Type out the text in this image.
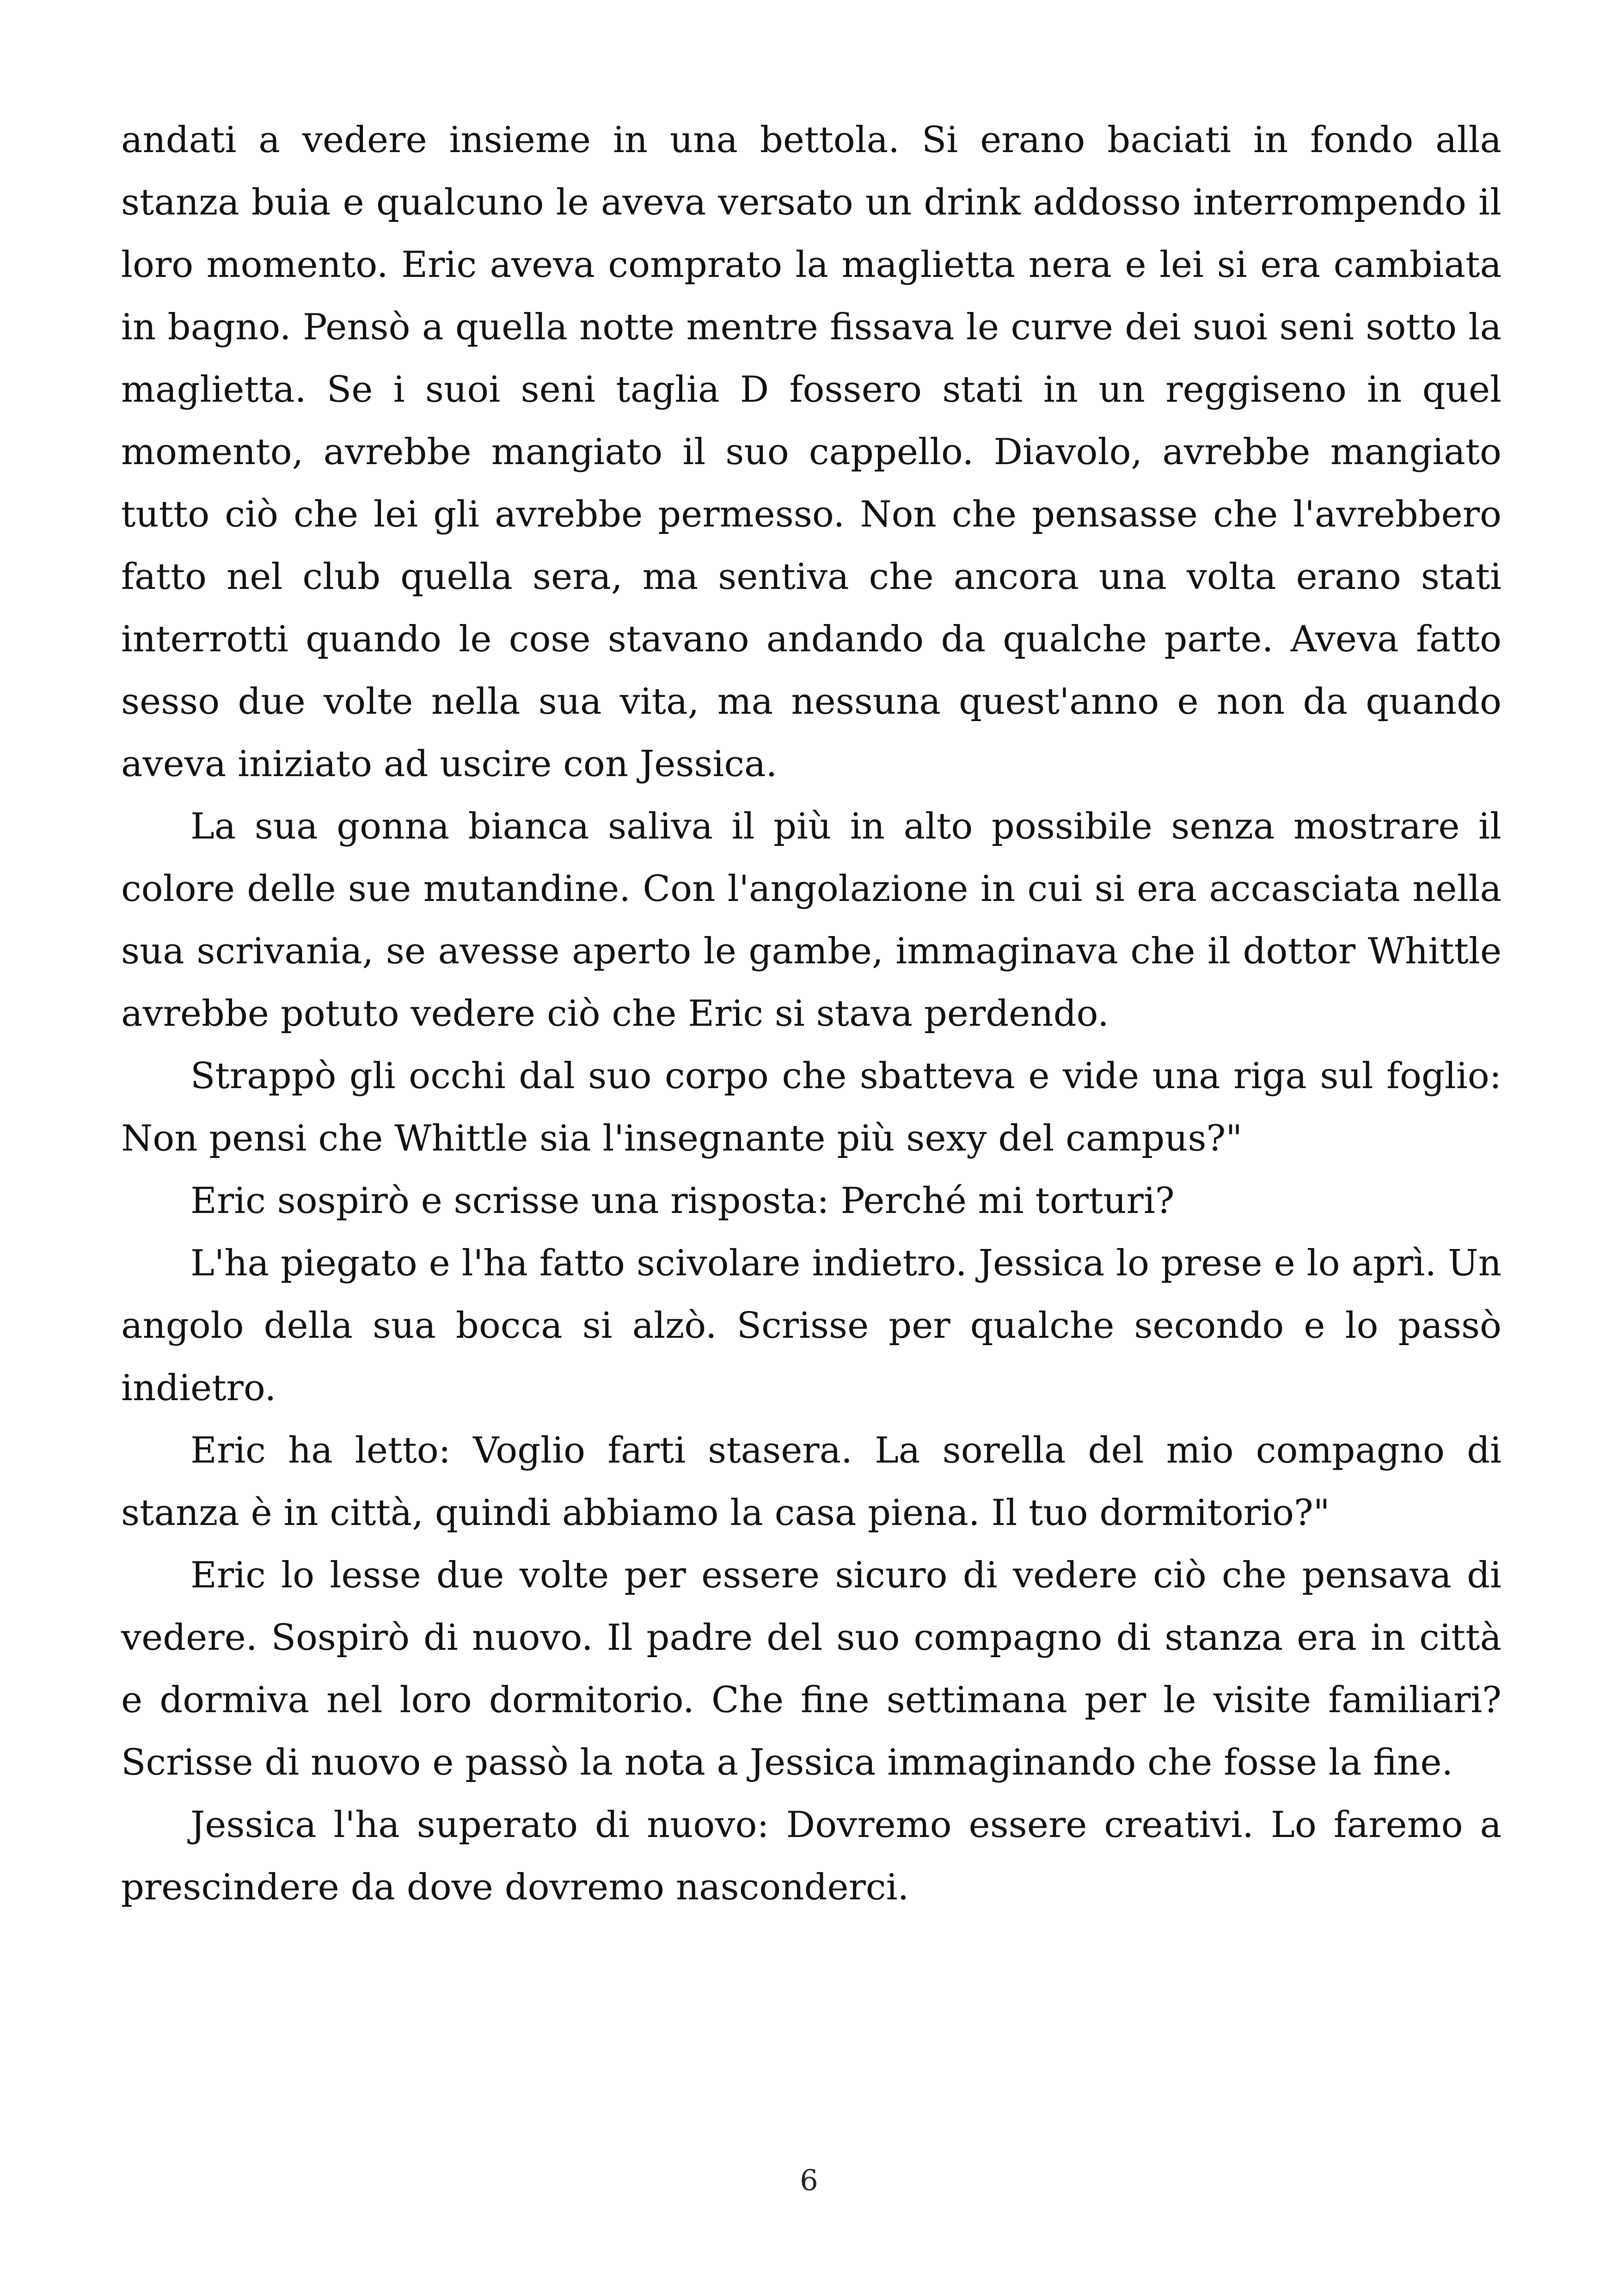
andati a vedere insieme in una bettola. Si erano baciati in fondo alla stanza buia e qualcuno le aveva versato un drink addosso interrompendo il loro momento. Eric aveva comprato la maglietta nera e lei si era cambiata in bagno. Pensò a quella notte mentre fissava le curve dei suoi seni sotto la maglietta. Se i suoi seni taglia D fossero stati in un reggiseno in quel momento, avrebbe mangiato il suo cappello. Diavolo, avrebbe mangiato tutto ciò che lei gli avrebbe permesso. Non che pensasse che l'avrebbero fatto nel club quella sera, ma sentiva che ancora una volta erano stati interrotti quando le cose stavano andando da qualche parte. Aveva fatto sesso due volte nella sua vita, ma nessuna quest'anno e non da quando aveva iniziato ad uscire con Jessica.

La sua gonna bianca saliva il più in alto possibile senza mostrare il colore delle sue mutandine. Con l'angolazione in cui si era accasciata nella sua scrivania, se avesse aperto le gambe, immaginava che il dottor Whittle avrebbe potuto vedere ciò che Eric si stava perdendo.

Strappò gli occhi dal suo corpo che sbatteva e vide una riga sul foglio: Non pensi che Whittle sia l'insegnante più sexy del campus?"

Eric sospirò e scrisse una risposta: Perché mi torturi?

L'ha piegato e l'ha fatto scivolare indietro. Jessica lo prese e lo aprì. Un angolo della sua bocca si alzò. Scrisse per qualche secondo e lo passò indietro.

Eric ha letto: Voglio farti stasera. La sorella del mio compagno di stanza è in città, quindi abbiamo la casa piena. Il tuo dormitorio?"

Eric lo lesse due volte per essere sicuro di vedere ciò che pensava di vedere. Sospirò di nuovo. Il padre del suo compagno di stanza era in città e dormiva nel loro dormitorio. Che fine settimana per le visite familiari? Scrisse di nuovo e passò la nota a Jessica immaginando che fosse la fine.

Jessica l'ha superato di nuovo: Dovremo essere creativi. Lo faremo a prescindere da dove dovremo nasconderci.

6
